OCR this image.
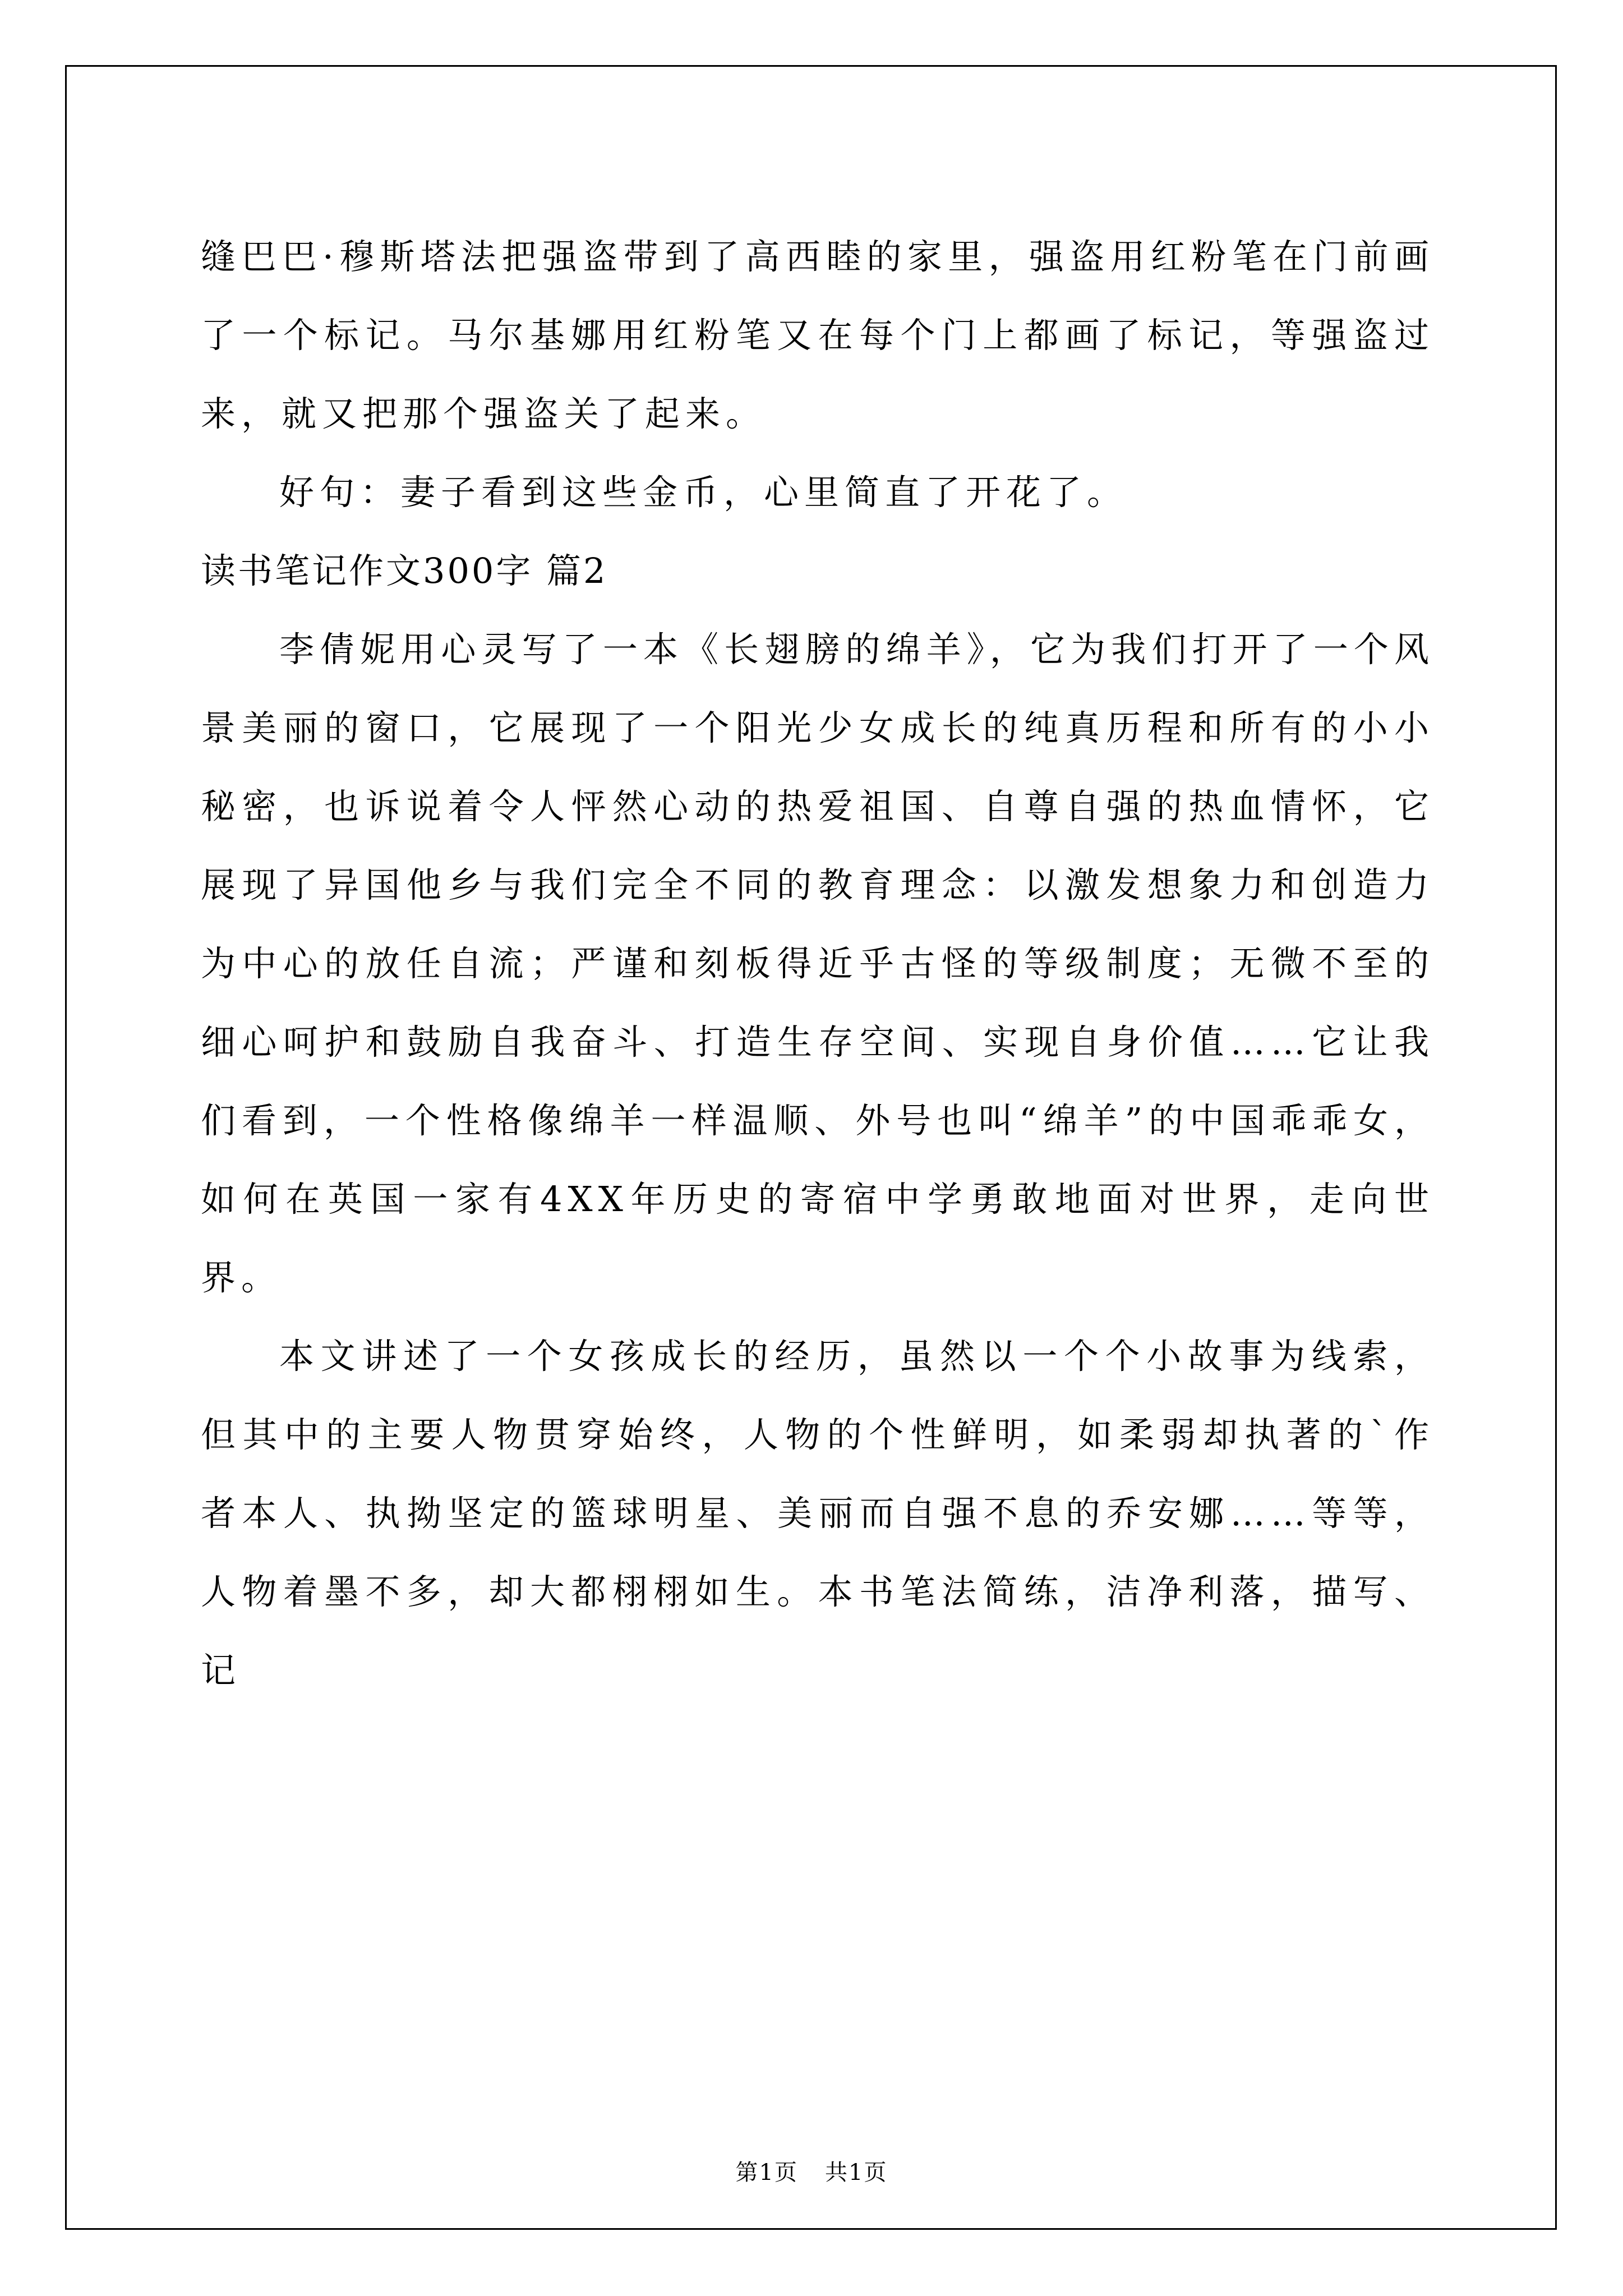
缝巴巴·穆斯塔法把强盗带到了高西睦的家里，强盗用红粉笔在门前画了一个标记。马尔基娜用红粉笔又在每个门上都画了标记，等强盗过来，就又把那个强盗关了起来。

好句：妻子看到这些金币，心里简直了开花了。

读书笔记作文300字 篇2

李倩妮用心灵写了一本《长翅膀的绵羊》，它为我们打开了一个风景美丽的窗口，它展现了一个阳光少女成长的纯真历程和所有的小小秘密，也诉说着令人怦然心动的热爱祖国、自尊自强的热血情怀，它展现了异国他乡与我们完全不同的教育理念：以激发想象力和创造力为中心的放任自流；严谨和刻板得近乎古怪的等级制度；无微不至的细心呵护和鼓励自我奋斗、打造生存空间、实现自身价值……它让我们看到，一个性格像绵羊一样温顺、外号也叫“绵羊”的中国乖乖女，如何在英国一家有4XX年历史的寄宿中学勇敢地面对世界，走向世界。

本文讲述了一个女孩成长的经历，虽然以一个个小故事为线索，但其中的主要人物贯穿始终，人物的个性鲜明，如柔弱却执著的`作者本人、执拗坚定的篮球明星、美丽而自强不息的乔安娜……等等，人物着墨不多，却大都栩栩如生。本书笔法简练，洁净利落，描写、记

第1页 共1页
